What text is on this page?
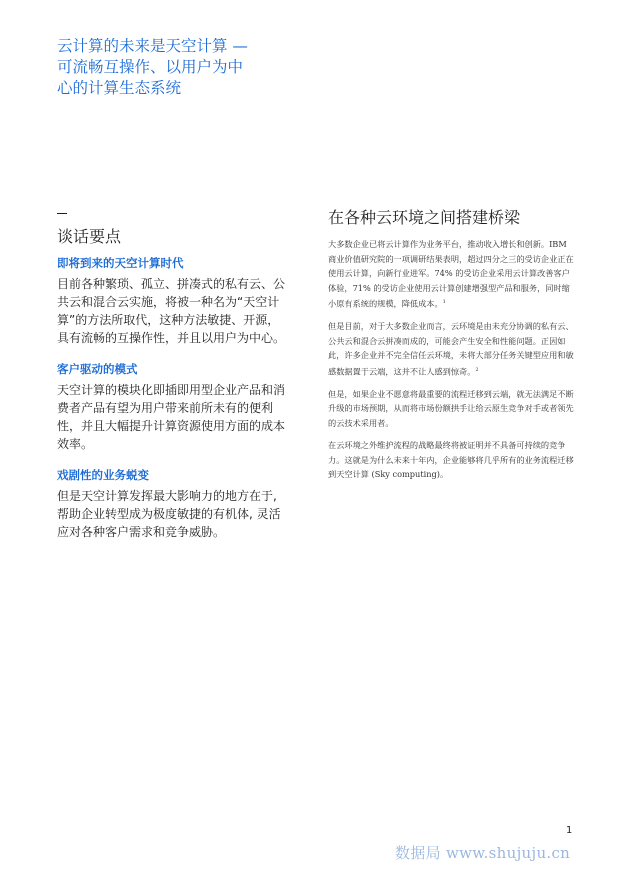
云计算的未来是天空计算 —
可流畅互操作、以用户为中
心的计算生态系统
谈话要点
即将到来的天空计算时代

目前各种繁琐、孤立、拼凑式的私有云、公共云和混合云实施，将被一种名为“天空计算”的方法所取代，这种方法敏捷、开源，具有流畅的互操作性，并且以用户为中心。

客户驱动的模式

天空计算的模块化即插即用型企业产品和消费者产品有望为用户带来前所未有的便利性，并且大幅提升计算资源使用方面的成本效率。

戏剧性的业务蜕变

但是天空计算发挥最大影响力的地方在于, 帮助企业转型成为极度敏捷的有机体, 灵活应对各种客户需求和竞争威胁。

在各种云环境之间搭建桥梁

大多数企业已将云计算作为业务平台，推动收入增长和创新。IBM 商业价值研究院的一项调研结果表明，超过四分之三的受访企业正在使用云计算，向新行业进军。74% 的受访企业采用云计算改善客户体验，71% 的受访企业使用云计算创建增强型产品和服务，同时缩小原有系统的规模，降低成本。$^1$

但是目前，对于大多数企业而言，云环境是由未充分协调的私有云、公共云和混合云拼凑而成的，可能会产生安全和性能问题。正因如此，许多企业并不完全信任云环境，未将大部分任务关键型应用和敏感数据置于云端，这并不让人感到惊奇。$^2$

但是，如果企业不愿意将最重要的流程迁移到云端，就无法满足不断升级的市场预期，从而将市场份额拱手让给云原生竞争对手或者领先的云技术采用者。

在云环境之外维护流程的战略最终将被证明并不具备可持续的竞争力。这就是为什么未来十年内，企业能够将几乎所有的业务流程迁移到天空计算 (Sky computing)。

1
数据局 www.shujuju.cn
